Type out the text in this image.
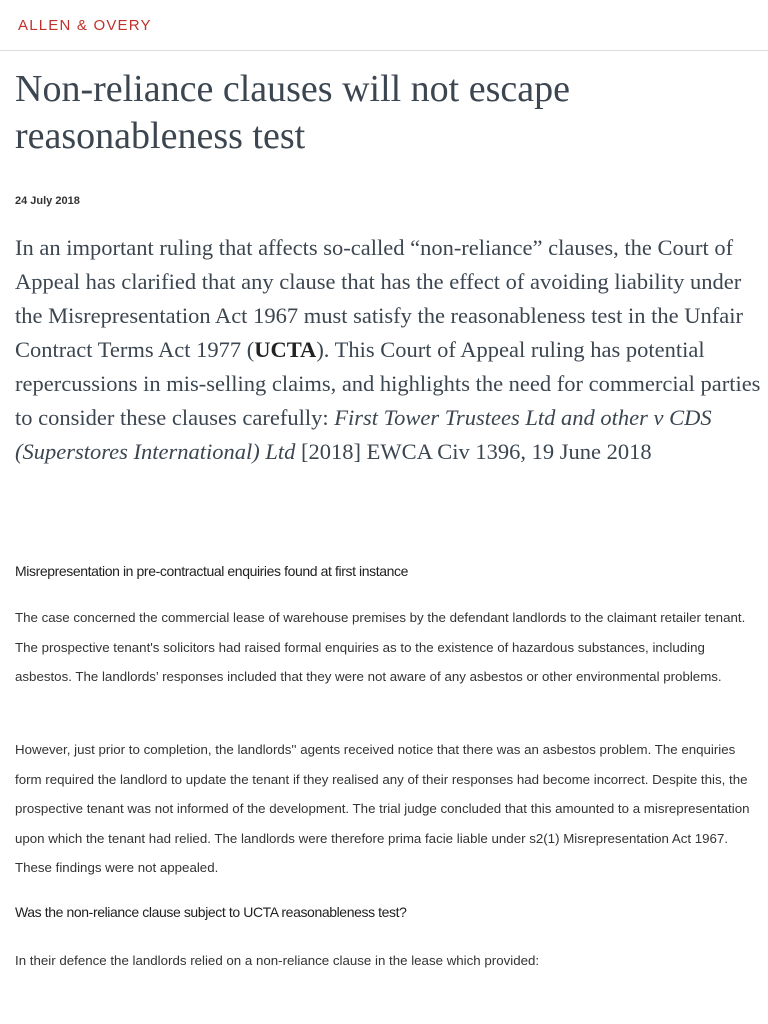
ALLEN & OVERY
Non-reliance clauses will not escape reasonableness test
24 July 2018

In an important ruling that affects so-called “non-reliance” clauses, the Court of Appeal has clarified that any clause that has the effect of avoiding liability under the Misrepresentation Act 1967 must satisfy the reasonableness test in the Unfair Contract Terms Act 1977 (UCTA). This Court of Appeal ruling has potential repercussions in mis-selling claims, and highlights the need for commercial parties to consider these clauses carefully: First Tower Trustees Ltd and other v CDS (Superstores International) Ltd [2018] EWCA Civ 1396, 19 June 2018

Misrepresentation in pre-contractual enquiries found at first instance

The case concerned the commercial lease of warehouse premises by the defendant landlords to the claimant retailer tenant. The prospective tenant's solicitors had raised formal enquiries as to the existence of hazardous substances, including asbestos. The landlords’ responses included that they were not aware of any asbestos or other environmental problems.

However, just prior to completion, the landlords'' agents received notice that there was an asbestos problem. The enquiries form required the landlord to update the tenant if they realised any of their responses had become incorrect. Despite this, the prospective tenant was not informed of the development. The trial judge concluded that this amounted to a misrepresentation upon which the tenant had relied. The landlords were therefore prima facie liable under s2(1) Misrepresentation Act 1967. These findings were not appealed.

Was the non-reliance clause subject to UCTA reasonableness test?

In their defence the landlords relied on a non-reliance clause in the lease which provided:
